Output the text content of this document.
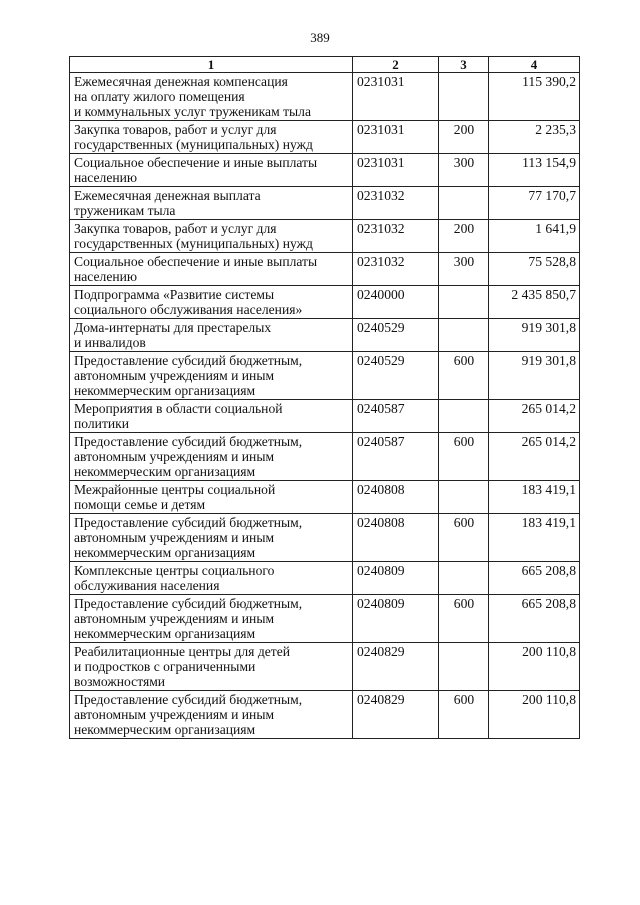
389
1	2	3	4
Ежемесячная денежная компенсация
на оплату жилого помещения
и коммунальных услуг труженикам тыла	0231031		115 390,2
Закупка товаров, работ и услуг для
государственных (муниципальных) нужд	0231031	200	2 235,3
Социальное обеспечение и иные выплаты
населению	0231031	300	113 154,9
Ежемесячная денежная выплата
труженикам тыла	0231032		77 170,7
Закупка товаров, работ и услуг для
государственных (муниципальных) нужд	0231032	200	1 641,9
Социальное обеспечение и иные выплаты
населению	0231032	300	75 528,8
Подпрограмма «Развитие системы
социального обслуживания населения»	0240000		2 435 850,7
Дома-интернаты для престарелых
и инвалидов	0240529		919 301,8
Предоставление субсидий бюджетным,
автономным учреждениям и иным
некоммерческим организациям	0240529	600	919 301,8
Мероприятия в области социальной
политики	0240587		265 014,2
Предоставление субсидий бюджетным,
автономным учреждениям и иным
некоммерческим организациям	0240587	600	265 014,2
Межрайонные центры социальной
помощи семье и детям	0240808		183 419,1
Предоставление субсидий бюджетным,
автономным учреждениям и иным
некоммерческим организациям	0240808	600	183 419,1
Комплексные центры социального
обслуживания населения	0240809		665 208,8
Предоставление субсидий бюджетным,
автономным учреждениям и иным
некоммерческим организациям	0240809	600	665 208,8
Реабилитационные центры для детей
и подростков с ограниченными
возможностями	0240829		200 110,8
Предоставление субсидий бюджетным,
автономным учреждениям и иным
некоммерческим организациям	0240829	600	200 110,8
